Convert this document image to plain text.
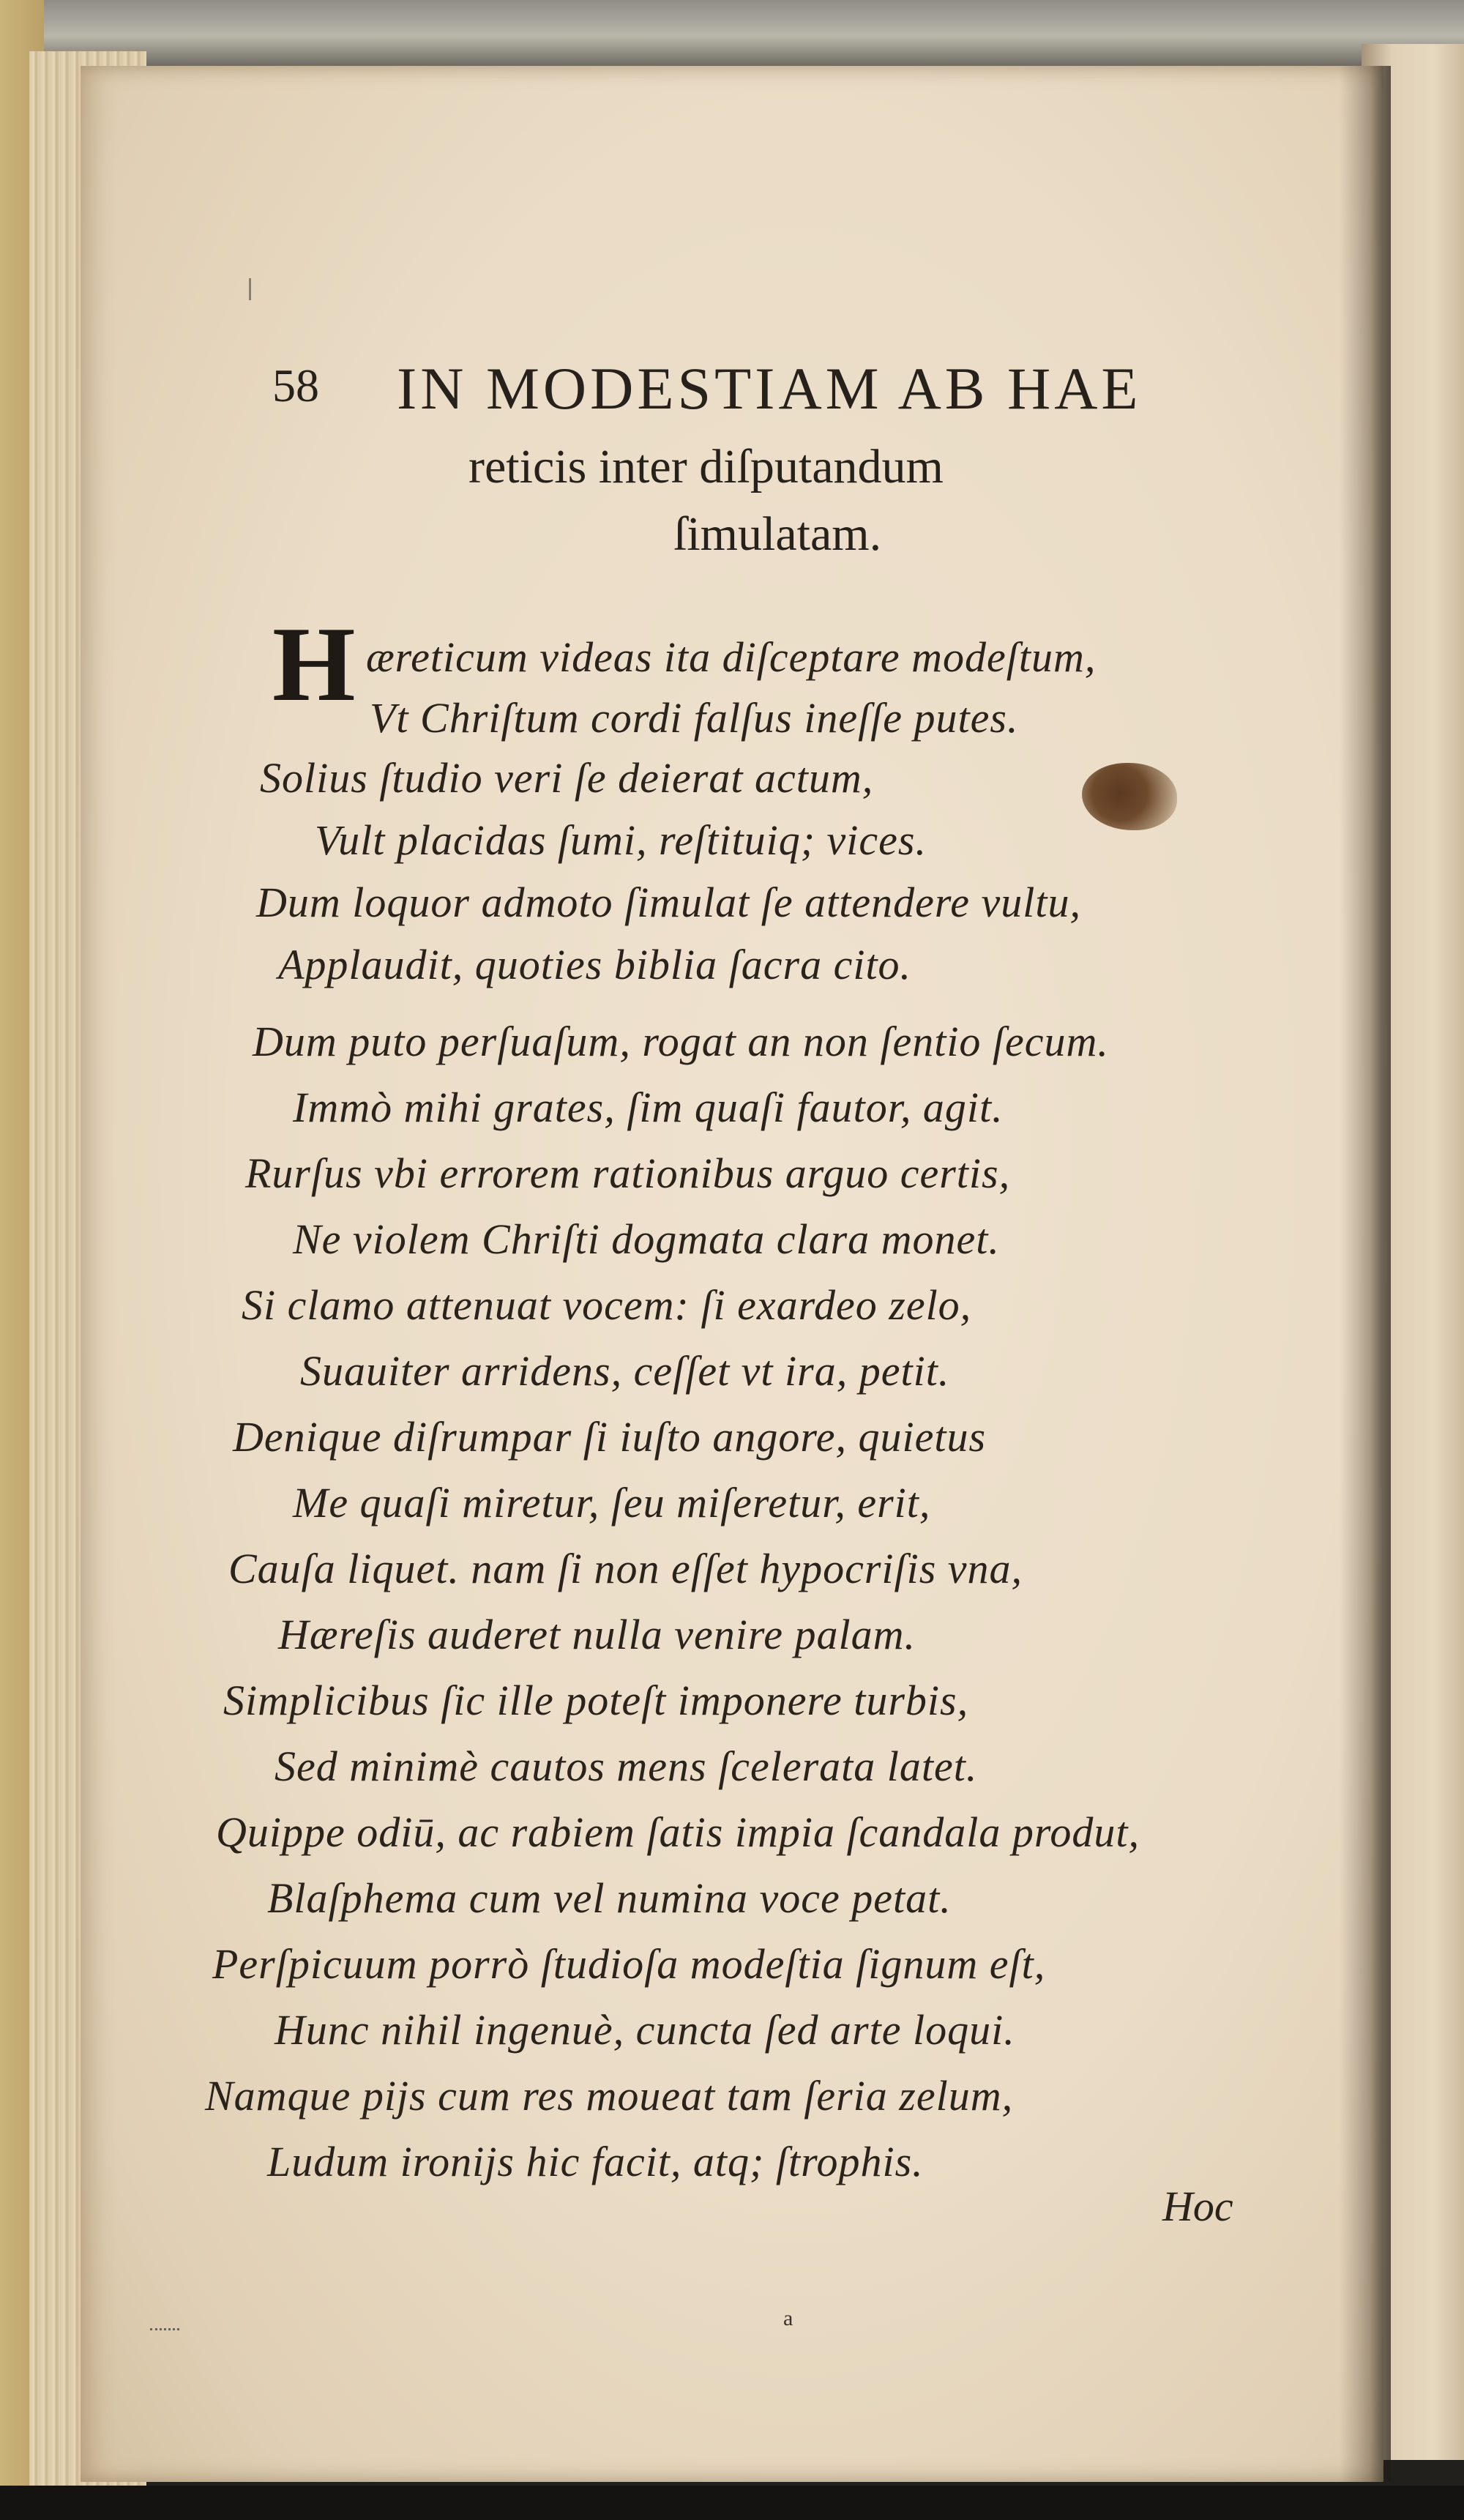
58 IN MODESTIAM AB HAE
reticis inter diſputandum
ſimulatam.
H æreticum videas ita diſceptare modeſtum,
Vt Chriſtum cordi falſus ineſſe putes.
Solius ſtudio veri ſe deierat actum,
Vult placidas ſumi, reſtituiq; vices.
Dum loquor admoto ſimulat ſe attendere vultu,
Applaudit, quoties biblia ſacra cito.
Dum puto perſuaſum, rogat an non ſentio ſecum.
Immò mihi grates, ſim quaſi fautor, agit.
Rurſus vbi errorem rationibus arguo certis,
Ne violem Chriſti dogmata clara monet.
Si clamo attenuat vocem: ſi exardeo zelo,
Suauiter arridens, ceſſet vt ira, petit.
Denique diſrumpar ſi iuſto angore, quietus
Me quaſi miretur, ſeu miſeretur, erit,
Cauſa liquet. nam ſi non eſſet hypocriſis vna,
Hæreſis auderet nulla venire palam.
Simplicibus ſic ille poteſt imponere turbis,
Sed minimè cautos mens ſcelerata latet.
Quippe odiū, ac rabiem ſatis impia ſcandala produt,
Blaſphema cum vel numina voce petat.
Perſpicuum porrò ſtudioſa modeſtia ſignum eſt,
Hunc nihil ingenuè, cuncta ſed arte loqui.
Namque pijs cum res moueat tam ſeria zelum,
Ludum ironijs hic facit, atq; ſtrophis.
Hoc
a
